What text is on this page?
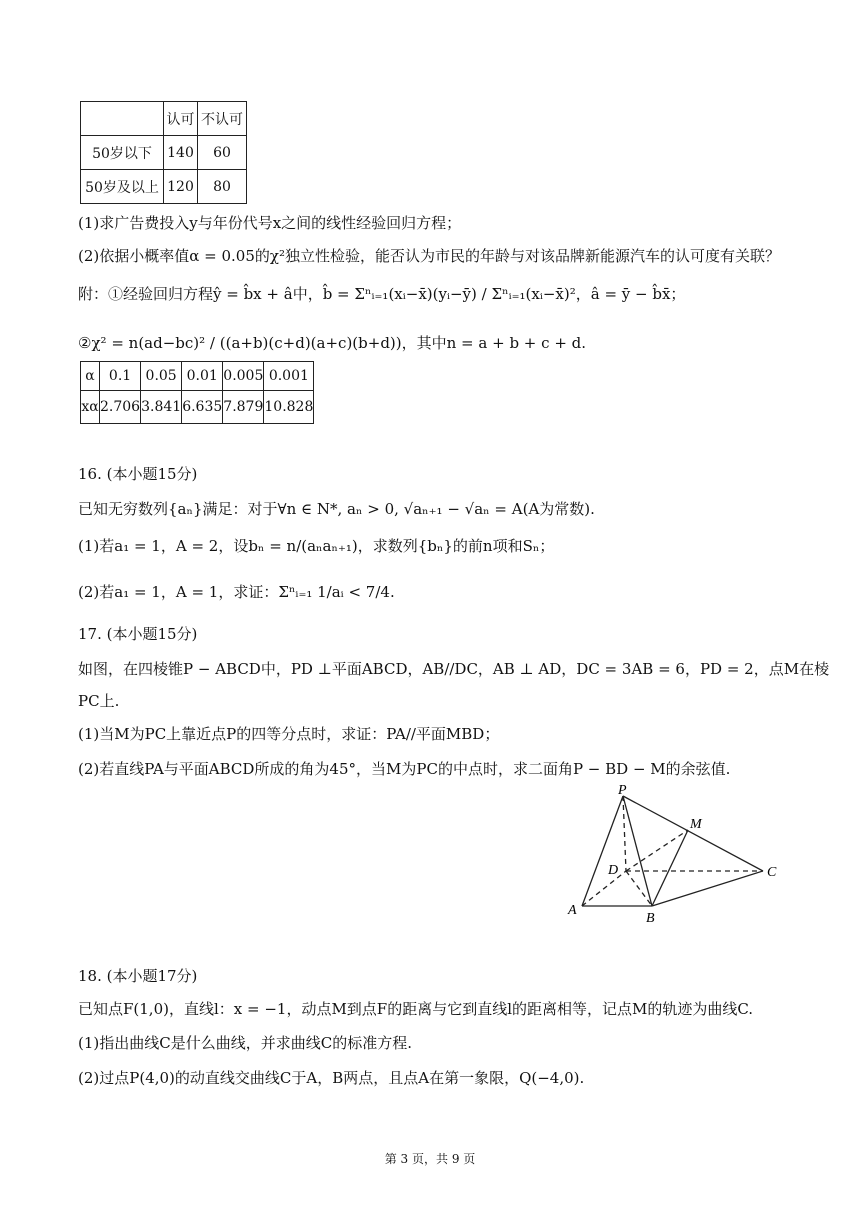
	认可	不认可
50岁以下	140	60
50岁及以上	120	80
(1)求广告费投入y与年份代号x之间的线性经验回归方程；
(2)依据小概率值α = 0.05的χ²独立性检验，能否认为市民的年龄与对该品牌新能源汽车的认可度有关联？
附：①经验回归方程ŷ = b̂x + â中，b̂ = Σⁿᵢ₌₁(xᵢ−x̄)(yᵢ−ȳ) / Σⁿᵢ₌₁(xᵢ−x̄)²，â = ȳ − b̂x̄；
②χ² = n(ad−bc)² / ((a+b)(c+d)(a+c)(b+d))，其中n = a + b + c + d.
α	0.1	0.05	0.01	0.005	0.001
xα	2.706	3.841	6.635	7.879	10.828
16. (本小题15分)
已知无穷数列{aₙ}满足：对于∀n ∈ N*, aₙ > 0, √aₙ₊₁ − √aₙ = A(A为常数).
(1)若a₁ = 1，A = 2，设bₙ = n/(aₙaₙ₊₁)，求数列{bₙ}的前n项和Sₙ；
(2)若a₁ = 1，A = 1，求证：Σⁿᵢ₌₁ 1/aᵢ < 7/4.
17. (本小题15分)
如图，在四棱锥P − ABCD中，PD ⊥平面ABCD，AB//DC，AB ⊥ AD，DC = 3AB = 6，PD = 2，点M在棱
PC上.
(1)当M为PC上靠近点P的四等分点时，求证：PA//平面MBD；
(2)若直线PA与平面ABCD所成的角为45°，当M为PC的中点时，求二面角P − BD − M的余弦值.
P
M
D	C
A
B
18. (本小题17分)
已知点F(1,0)，直线l：x = −1，动点M到点F的距离与它到直线l的距离相等，记点M的轨迹为曲线C.
(1)指出曲线C是什么曲线，并求曲线C的标准方程.
(2)过点P(4,0)的动直线交曲线C于A，B两点，且点A在第一象限，Q(−4,0).
第 3 页，共 9 页
